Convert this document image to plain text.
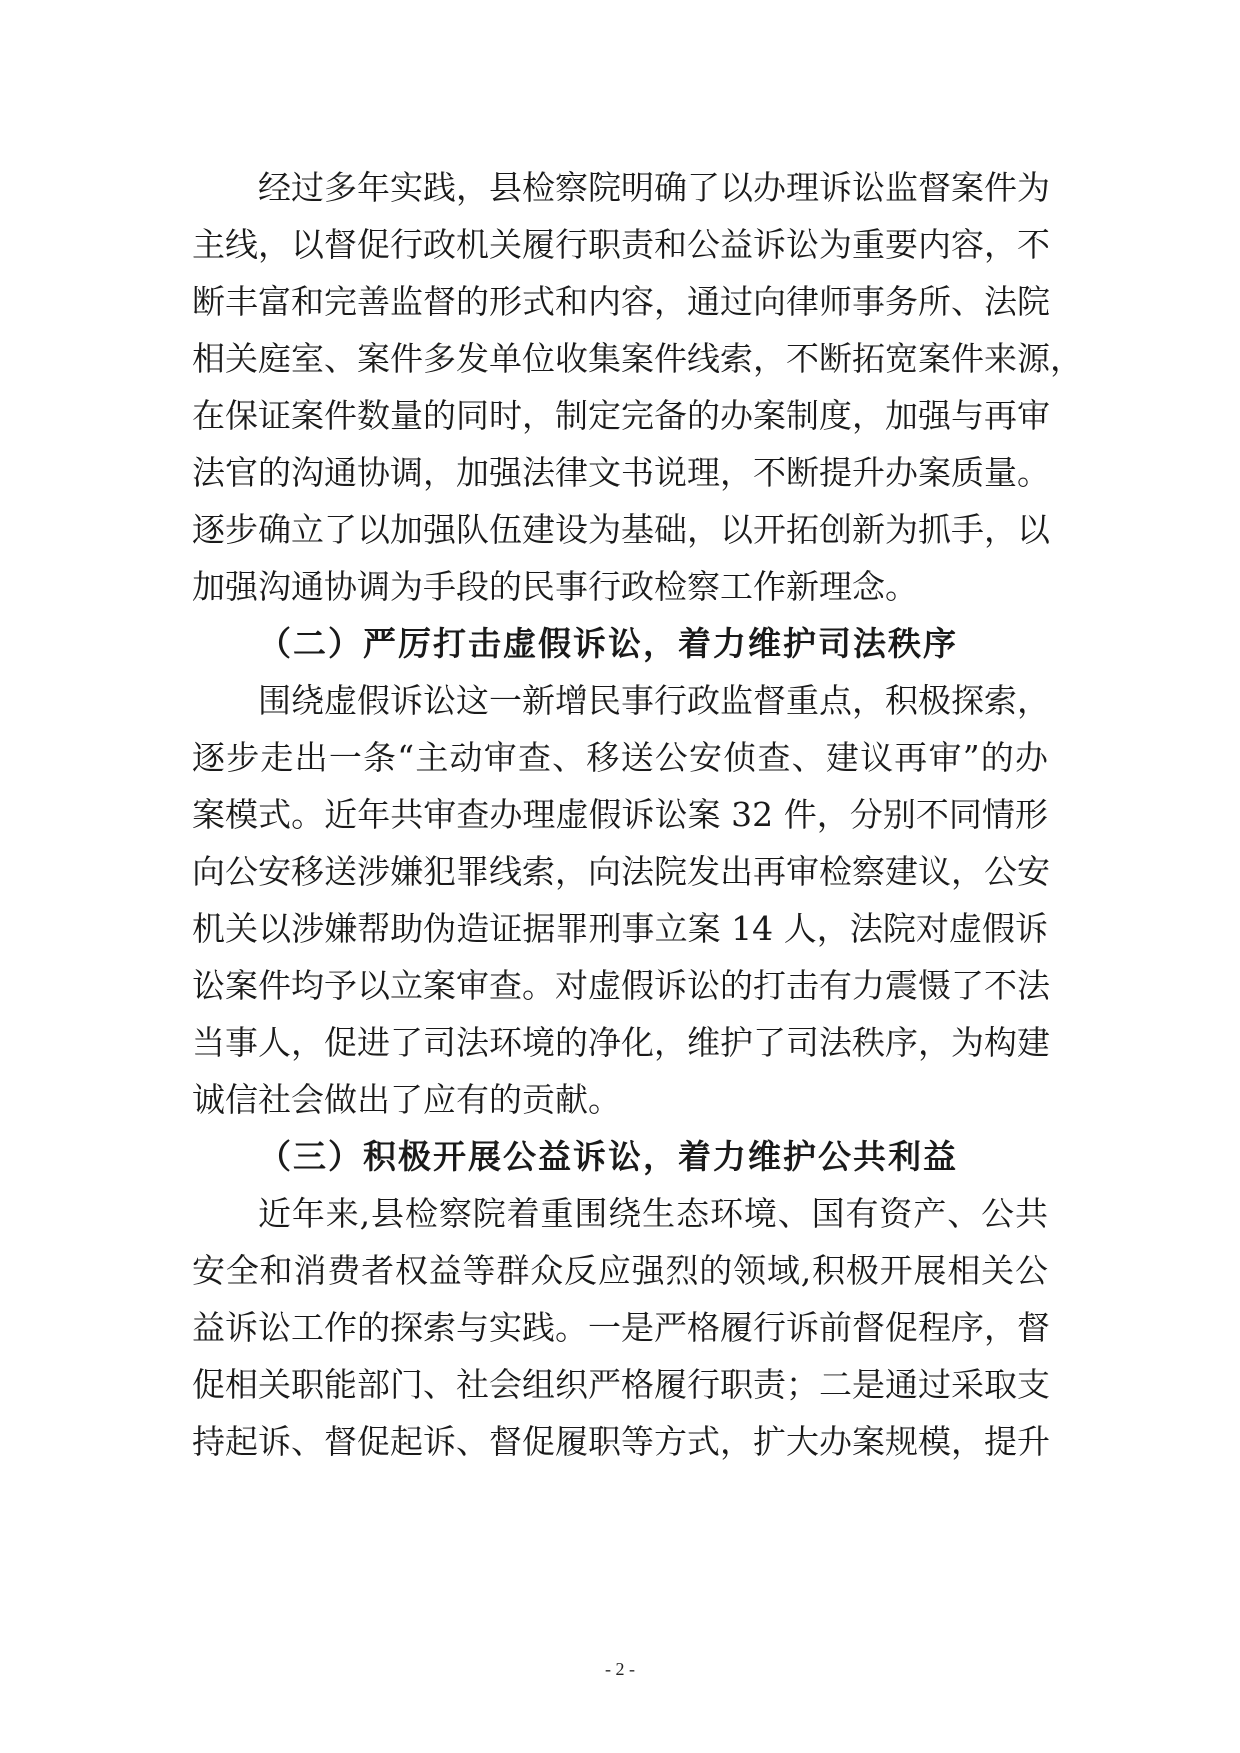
经过多年实践，县检察院明确了以办理诉讼监督案件为
主线，以督促行政机关履行职责和公益诉讼为重要内容，不
断丰富和完善监督的形式和内容，通过向律师事务所、法院
相关庭室、案件多发单位收集案件线索，不断拓宽案件来源，
在保证案件数量的同时，制定完备的办案制度，加强与再审
法官的沟通协调，加强法律文书说理，不断提升办案质量。
逐步确立了以加强队伍建设为基础，以开拓创新为抓手，以
加强沟通协调为手段的民事行政检察工作新理念。
（二）严厉打击虚假诉讼，着力维护司法秩序
围绕虚假诉讼这一新增民事行政监督重点，积极探索，
逐步走出一条“主动审查、移送公安侦查、建议再审”的办
案模式。近年共审查办理虚假诉讼案 32 件，分别不同情形
向公安移送涉嫌犯罪线索，向法院发出再审检察建议，公安
机关以涉嫌帮助伪造证据罪刑事立案 14 人，法院对虚假诉
讼案件均予以立案审查。对虚假诉讼的打击有力震慑了不法
当事人，促进了司法环境的净化，维护了司法秩序，为构建
诚信社会做出了应有的贡献。
（三）积极开展公益诉讼，着力维护公共利益
近年来,县检察院着重围绕生态环境、国有资产、公共
安全和消费者权益等群众反应强烈的领域,积极开展相关公
益诉讼工作的探索与实践。一是严格履行诉前督促程序，督
促相关职能部门、社会组织严格履行职责；二是通过采取支
持起诉、督促起诉、督促履职等方式，扩大办案规模，提升
- 2 -
